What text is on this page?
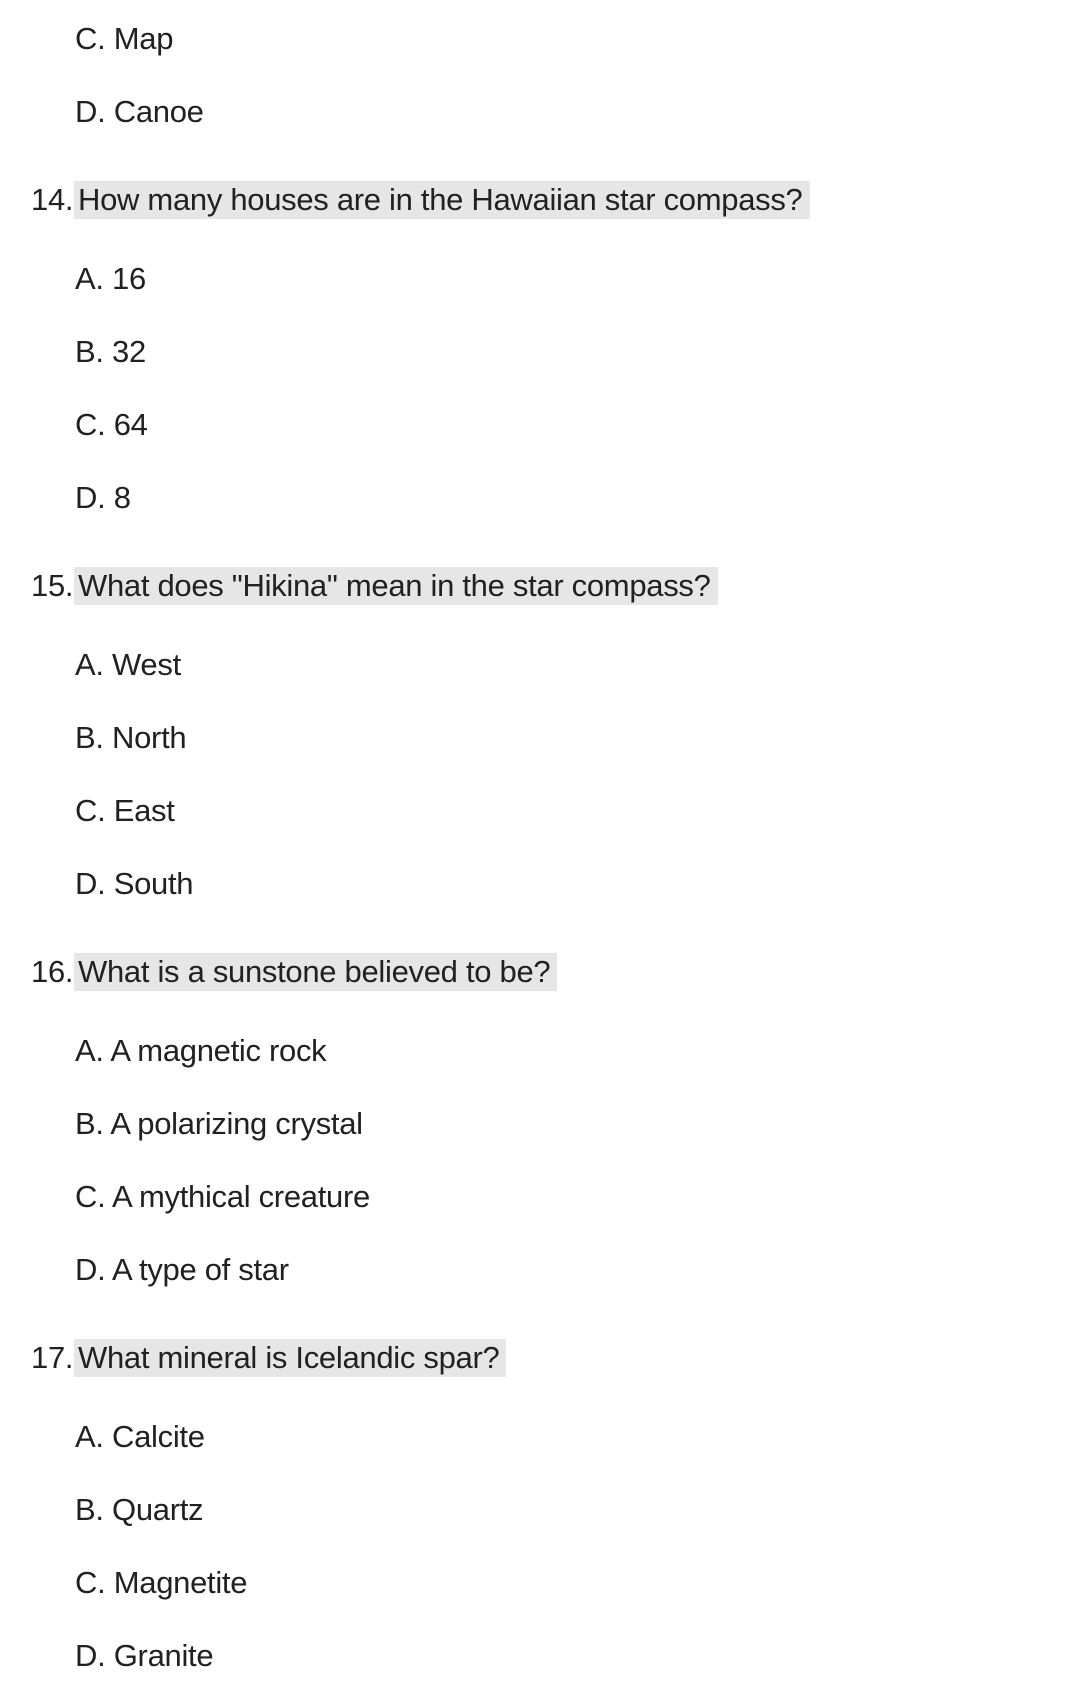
C. Map
D. Canoe
14. How many houses are in the Hawaiian star compass?
A. 16
B. 32
C. 64
D. 8
15. What does "Hikina" mean in the star compass?
A. West
B. North
C. East
D. South
16. What is a sunstone believed to be?
A. A magnetic rock
B. A polarizing crystal
C. A mythical creature
D. A type of star
17. What mineral is Icelandic spar?
A. Calcite
B. Quartz
C. Magnetite
D. Granite
